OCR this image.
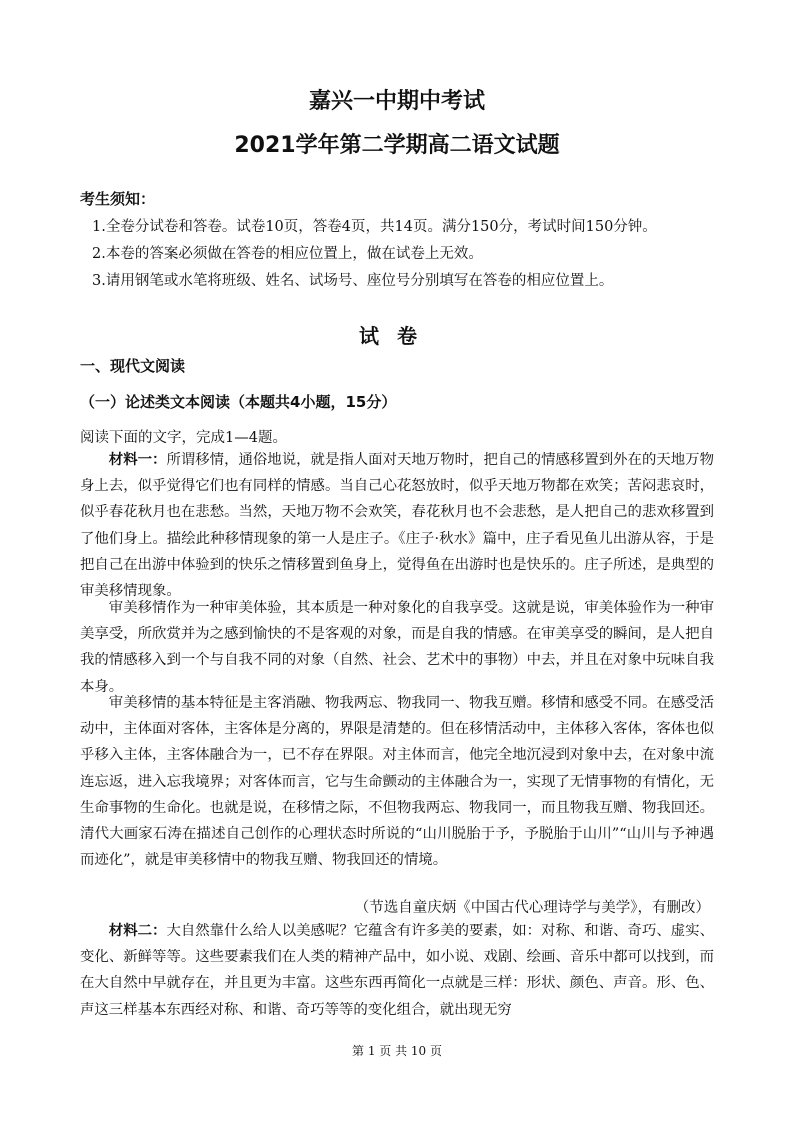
嘉兴一中期中考试
2021学年第二学期高二语文试题
考生须知：
1.全卷分试卷和答卷。试卷10页，答卷4页，共14页。满分150分，考试时间150分钟。
2.本卷的答案必须做在答卷的相应位置上，做在试卷上无效。
3.请用钢笔或水笔将班级、姓名、试场号、座位号分别填写在答卷的相应位置上。
试卷
一、现代文阅读
（一）论述类文本阅读（本题共4小题，15分）
阅读下面的文字，完成1—4题。
材料一：所谓移情，通俗地说，就是指人面对天地万物时，把自己的情感移置到外在的天地万物身上去，似乎觉得它们也有同样的情感。当自己心花怒放时，似乎天地万物都在欢笑；苦闷悲哀时，似乎春花秋月也在悲愁。当然，天地万物不会欢笑，春花秋月也不会悲愁，是人把自己的悲欢移置到了他们身上。描绘此种移情现象的第一人是庄子。《庄子·秋水》篇中，庄子看见鱼儿出游从容，于是把自己在出游中体验到的快乐之情移置到鱼身上，觉得鱼在出游时也是快乐的。庄子所述，是典型的审美移情现象。
审美移情作为一种审美体验，其本质是一种对象化的自我享受。这就是说，审美体验作为一种审美享受，所欣赏并为之感到愉快的不是客观的对象，而是自我的情感。在审美享受的瞬间，是人把自我的情感移入到一个与自我不同的对象（自然、社会、艺术中的事物）中去，并且在对象中玩味自我本身。
审美移情的基本特征是主客消融、物我两忘、物我同一、物我互赠。移情和感受不同。在感受活动中，主体面对客体，主客体是分离的，界限是清楚的。但在移情活动中，主体移入客体，客体也似乎移入主体，主客体融合为一，已不存在界限。对主体而言，他完全地沉浸到对象中去，在对象中流连忘返，进入忘我境界；对客体而言，它与生命颤动的主体融合为一，实现了无情事物的有情化，无生命事物的生命化。也就是说，在移情之际，不但物我两忘、物我同一，而且物我互赠、物我回还。清代大画家石涛在描述自己创作的心理状态时所说的“山川脱胎于予，予脱胎于山川”“山川与予神遇而迹化”，就是审美移情中的物我互赠、物我回还的情境。
（节选自童庆炳《中国古代心理诗学与美学》，有删改）
材料二：大自然靠什么给人以美感呢？它蕴含有许多美的要素，如：对称、和谐、奇巧、虚实、变化、新鲜等等。这些要素我们在人类的精神产品中，如小说、戏剧、绘画、音乐中都可以找到，而在大自然中早就存在，并且更为丰富。这些东西再简化一点就是三样：形状、颜色、声音。形、色、声这三样基本东西经对称、和谐、奇巧等等的变化组合，就出现无穷
第 1 页 共 10 页
